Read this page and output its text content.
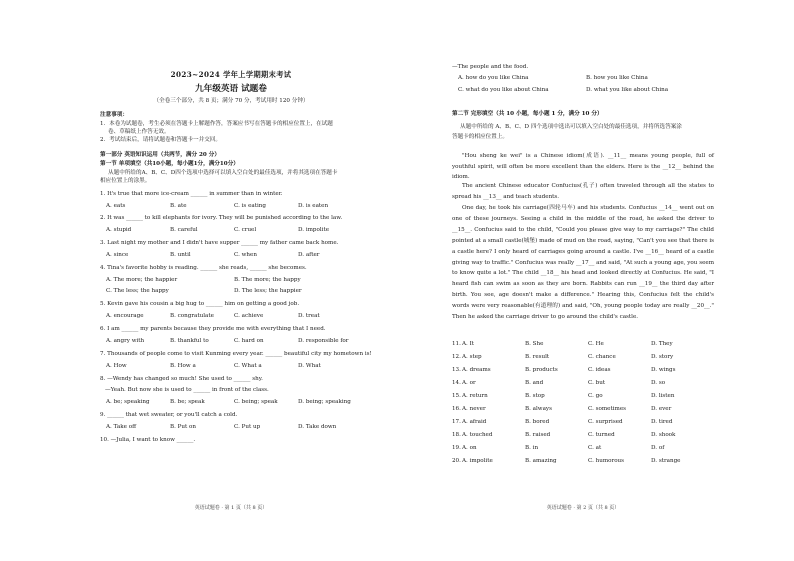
2023~2024 学年上学期期末考试
九年级英语 试题卷
（全卷三个部分，共 8 页；满分 70 分，考试用时 120 分钟）
注意事项：
1．本卷为试题卷，考生必须在答题卡上解题作答，答案应书写在答题卡的相应位置上，在试题
卷、草稿纸上作答无效。
2．考试结束后，请将试题卷和答题卡一并交回。
第一部分 英语知识运用（共两节，满分 20 分）
第一节 单项填空（共10小题，每小题1分，满分10分）
从题中所给的A、B、C、D四个选项中选择可以填入空白处的最佳选项，并将其选项在答题卡
相应位置上的涂黑。
1. It's true that more ice-cream ______ in summer than in winter.
A. eats	B. ate	C. is eating	D. is eaten
2. It was ______ to kill elephants for ivory. They will be punished according to the law.
A. stupid	B. careful	C. cruel	D. impolite
3. Last night my mother and I didn't have supper ______ my father came back home.
A. since	B. until	C. when	D. after
4. Tina's favorite hobby is reading. ______ she reads, ______ she becomes.
A. The more; the happier	B. The more; the happy
C. The less; the happy	D. The less; the happier
5. Kevin gave his cousin a big hug to ______ him on getting a good job.
A. encourage	B. congratulate	C. achieve	D. treat
6. I am ______ my parents because they provide me with everything that I need.
A. angry with	B. thankful to	C. hard on	D. responsible for
7. Thousands of people come to visit Kunming every year. ______ beautiful city my hometown is!
A. How	B. How a	C. What a	D. What
8. —Wendy has changed so much! She used to ______ shy.
—Yeah. But now she is used to ______ in front of the class.
A. be; speaking	B. be; speak	C. being; speak	D. being; speaking
9. ______ that wet sweater, or you'll catch a cold.
A. Take off	B. Put on	C. Put up	D. Take down
10. —Julia, I want to know ______.
英语试题卷 · 第 1 页（共 8 页）
—The people and the food.
A. how do you like China	B. how you like China
C. what do you like about China	D. what you like about China
第二节 完形填空（共 10 小题，每小题 1 分，满分 10 分）
从题中所给的 A、B、C、D 四个选项中选出可以填入空白处的最佳选项，并将所选答案涂
答题卡的相应位置上。
"Hou sheng ke wei" is a Chinese idiom(成语). __11__ means young people, full of youthful spirit, will often be more excellent than the elders. Here is the __12__ behind the idiom.
The ancient Chinese educator Confucius(孔子) often traveled through all the states to spread his __13__ and teach students.
One day, he took his carriage(四轮马车) and his students. Confucius __14__ went out on one of these journeys. Seeing a child in the middle of the road, he asked the driver to __15__. Confucius said to the child, "Could you please give way to my carriage?" The child pointed at a small castle(城堡) made of mud on the road, saying, "Can't you see that there is a castle here? I only heard of carriages going around a castle. I've __16__ heard of a castle giving way to traffic." Confucius was really __17__ and said, "At such a young age, you seem to know quite a lot." The child __18__ his head and looked directly at Confucius. He said, "I heard fish can swim as soon as they are born. Rabbits can run __19__ the third day after birth. You see, age doesn't make a difference." Hearing this, Confucius felt the child's words were very reasonable(有道理的) and said, "Oh, young people today are really __20__." Then he asked the carriage driver to go around the child's castle.
11. A. It	B. She	C. He	D. They
12. A. step	B. result	C. chance	D. story
13. A. dreams	B. products	C. ideas	D. wings
14. A. or	B. and	C. but	D. so
15. A. return	B. stop	C. go	D. listen
16. A. never	B. always	C. sometimes	D. ever
17. A. afraid	B. bored	C. surprised	D. tired
18. A. touched	B. raised	C. turned	D. shook
19. A. on	B. in	C. at	D. of
20. A. impolite	B. amazing	C. humorous	D. strange
英语试题卷 · 第 2 页（共 8 页）
